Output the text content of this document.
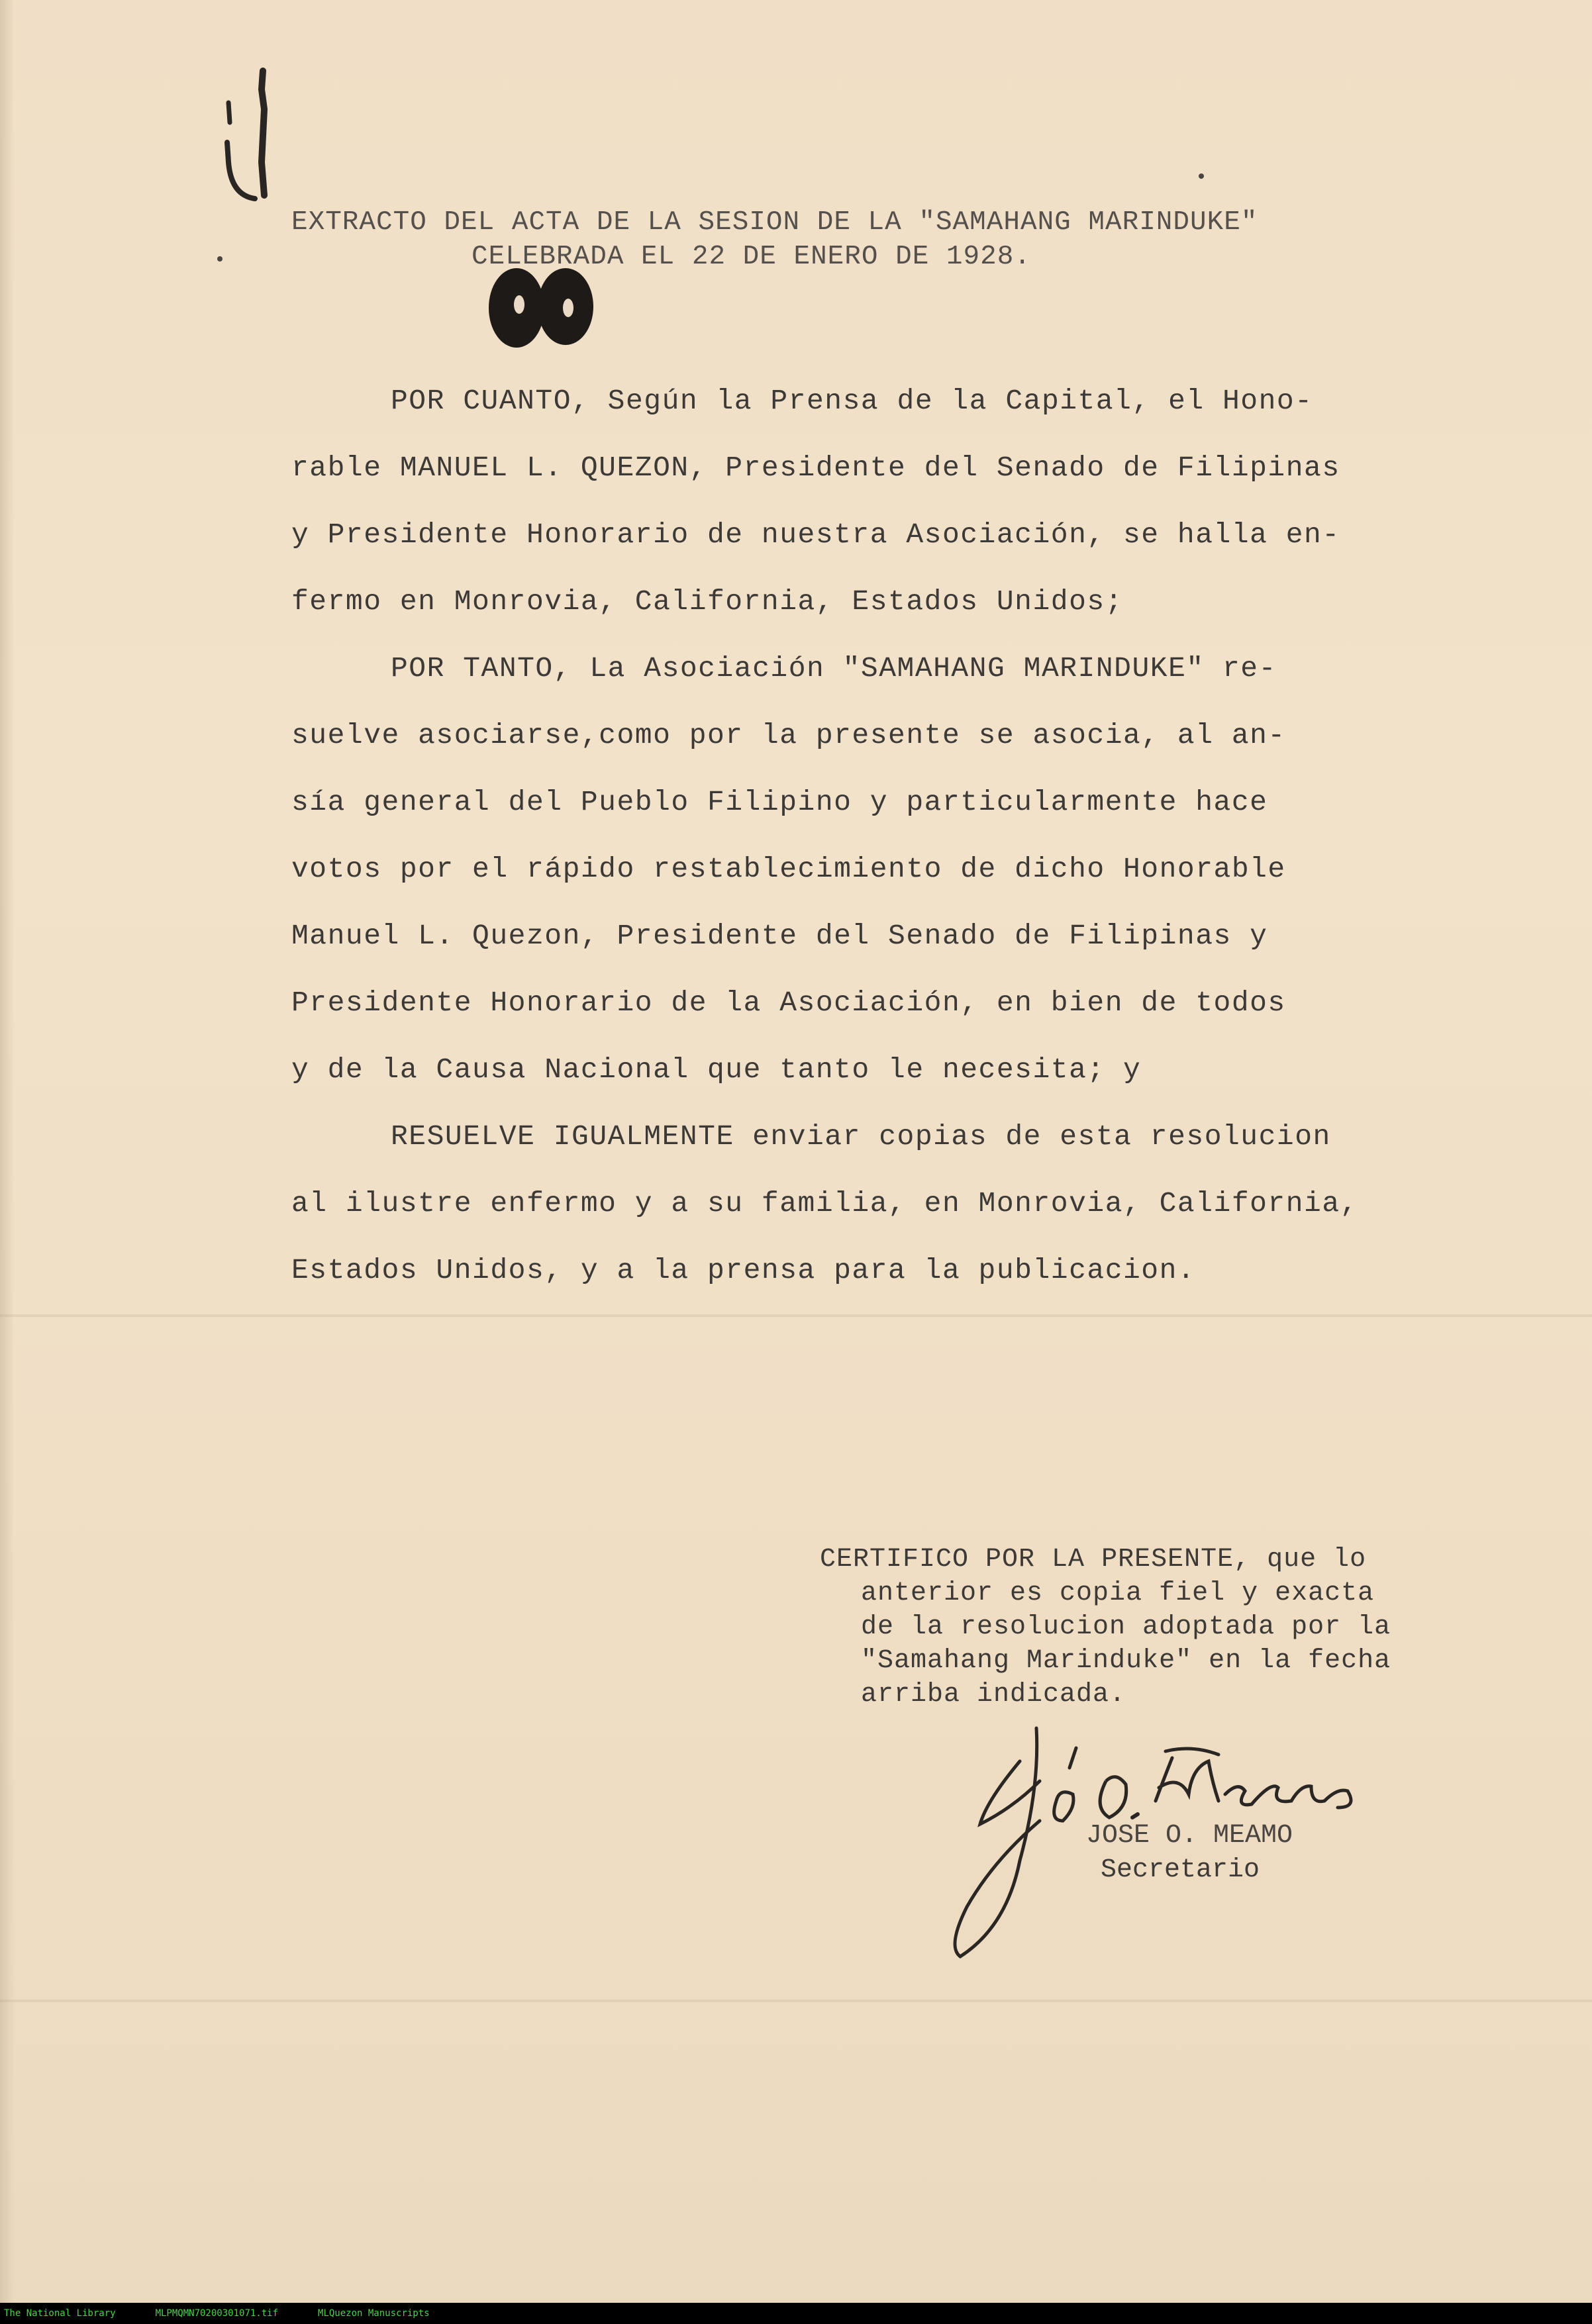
EXTRACTO DEL ACTA DE LA SESION DE LA "SAMAHANG MARINDUKE"
CELEBRADA EL 22 DE ENERO DE 1928.
POR CUANTO, Según la Prensa de la Capital, el Hono-
rable MANUEL L. QUEZON, Presidente del Senado de Filipinas
y Presidente Honorario de nuestra Asociación, se halla en-
fermo en Monrovia, California, Estados Unidos;
POR TANTO, La Asociación "SAMAHANG MARINDUKE" re-
suelve asociarse,como por la presente se asocia, al an-
sía general del Pueblo Filipino y particularmente hace
votos por el rápido restablecimiento de dicho Honorable
Manuel L. Quezon, Presidente del Senado de Filipinas y
Presidente Honorario de la Asociación, en bien de todos
y de la Causa Nacional que tanto le necesita; y
RESUELVE IGUALMENTE enviar copias de esta resolucion
al ilustre enfermo y a su familia, en Monrovia, California,
Estados Unidos, y a la prensa para la publicacion.
CERTIFICO POR LA PRESENTE, que lo
anterior es copia fiel y exacta
de la resolucion adoptada por la
"Samahang Marinduke" en la fecha
arriba indicada.
JOSE O. MEAMO
Secretario
The National Library	MLPMQMN70200301071.tif	MLQuezon Manuscripts
